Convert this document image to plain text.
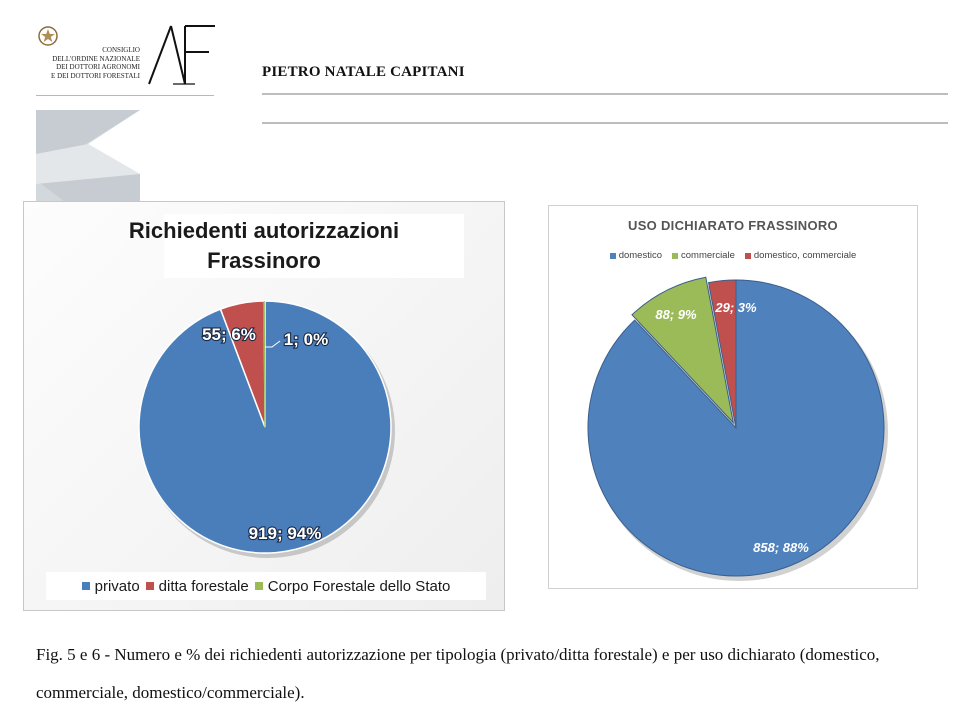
CONSIGLIO
DELL'ORDINE NAZIONALE
DEI DOTTORI AGRONOMI
E DEI DOTTORI FORESTALI	PIETRO NATALE CAPITANI
Richiedenti autorizzazioni
Frassinoro
919; 94%
55; 6% 1; 0%
privato ditta forestale Corpo Forestale dello Stato
USO DICHIARATO FRASSINORO
domestico commerciale domestico, commerciale
858; 88%
88; 9% 29; 3%
Fig. 5 e 6 - Numero e % dei richiedenti autorizzazione per tipologia (privato/ditta forestale) e per uso dichiarato (domestico, commerciale, domestico/commerciale).
